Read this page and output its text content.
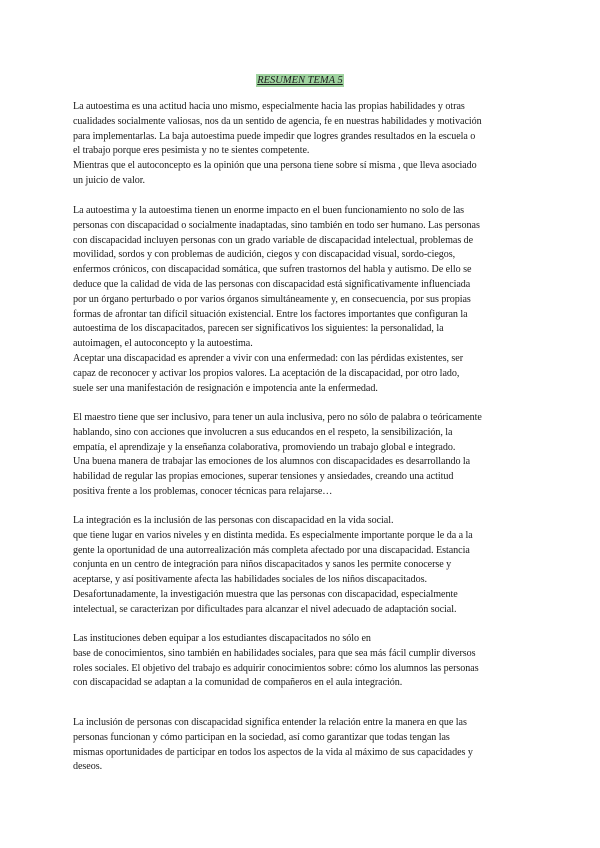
RESUMEN TEMA 5
La autoestima es una actitud hacia uno mismo, especialmente hacia las propias habilidades y otras
cualidades socialmente valiosas, nos da un sentido de agencia, fe en nuestras habilidades y motivación
para implementarlas. La baja autoestima puede impedir que logres grandes resultados en la escuela o
el trabajo porque eres pesimista y no te sientes competente.
Mientras que el autoconcepto es la opinión que una persona tiene sobre sí misma , que lleva asociado
un juicio de valor.
La autoestima y la autoestima tienen un enorme impacto en el buen funcionamiento no solo de las
personas con discapacidad o socialmente inadaptadas, sino también en todo ser humano. Las personas
con discapacidad incluyen personas con un grado variable de discapacidad intelectual, problemas de
movilidad, sordos y con problemas de audición, ciegos y con discapacidad visual, sordo-ciegos,
enfermos crónicos, con discapacidad somática, que sufren trastornos del habla y autismo. De ello se
deduce que la calidad de vida de las personas con discapacidad está significativamente influenciada
por un órgano perturbado o por varios órganos simultáneamente y, en consecuencia, por sus propias
formas de afrontar tan difícil situación existencial. Entre los factores importantes que configuran la
autoestima de los discapacitados, parecen ser significativos los siguientes: la personalidad, la
autoimagen, el autoconcepto y la autoestima.
Aceptar una discapacidad es aprender a vivir con una enfermedad: con las pérdidas existentes, ser
capaz de reconocer y activar los propios valores. La aceptación de la discapacidad, por otro lado,
suele ser una manifestación de resignación e impotencia ante la enfermedad.
El maestro tiene que ser inclusivo, para tener un aula inclusiva, pero no sólo de palabra o teóricamente
hablando, sino con acciones que involucren a sus educandos en el respeto, la sensibilización, la
empatía, el aprendizaje y la enseñanza colaborativa, promoviendo un trabajo global e integrado.
Una buena manera de trabajar las emociones de los alumnos con discapacidades es desarrollando la
habilidad de regular las propias emociones, superar tensiones y ansiedades, creando una actitud
positiva frente a los problemas, conocer técnicas para relajarse…
La integración es la inclusión de las personas con discapacidad en la vida social.
que tiene lugar en varios niveles y en distinta medida. Es especialmente importante porque le da a la
gente la oportunidad de una autorrealización más completa afectado por una discapacidad. Estancia
conjunta en un centro de integración para niños discapacitados y sanos les permite conocerse y
aceptarse, y así positivamente afecta las habilidades sociales de los niños discapacitados.
Desafortunadamente, la investigación muestra que las personas con discapacidad, especialmente
intelectual, se caracterizan por dificultades para alcanzar el nivel adecuado de adaptación social.
Las instituciones deben equipar a los estudiantes discapacitados no sólo en
base de conocimientos, sino también en habilidades sociales, para que sea más fácil cumplir diversos
roles sociales. El objetivo del trabajo es adquirir conocimientos sobre: cómo los alumnos las personas
con discapacidad se adaptan a la comunidad de compañeros en el aula integración.
La inclusión de personas con discapacidad significa entender la relación entre la manera en que las
personas funcionan y cómo participan en la sociedad, así como garantizar que todas tengan las
mismas oportunidades de participar en todos los aspectos de la vida al máximo de sus capacidades y
deseos.
